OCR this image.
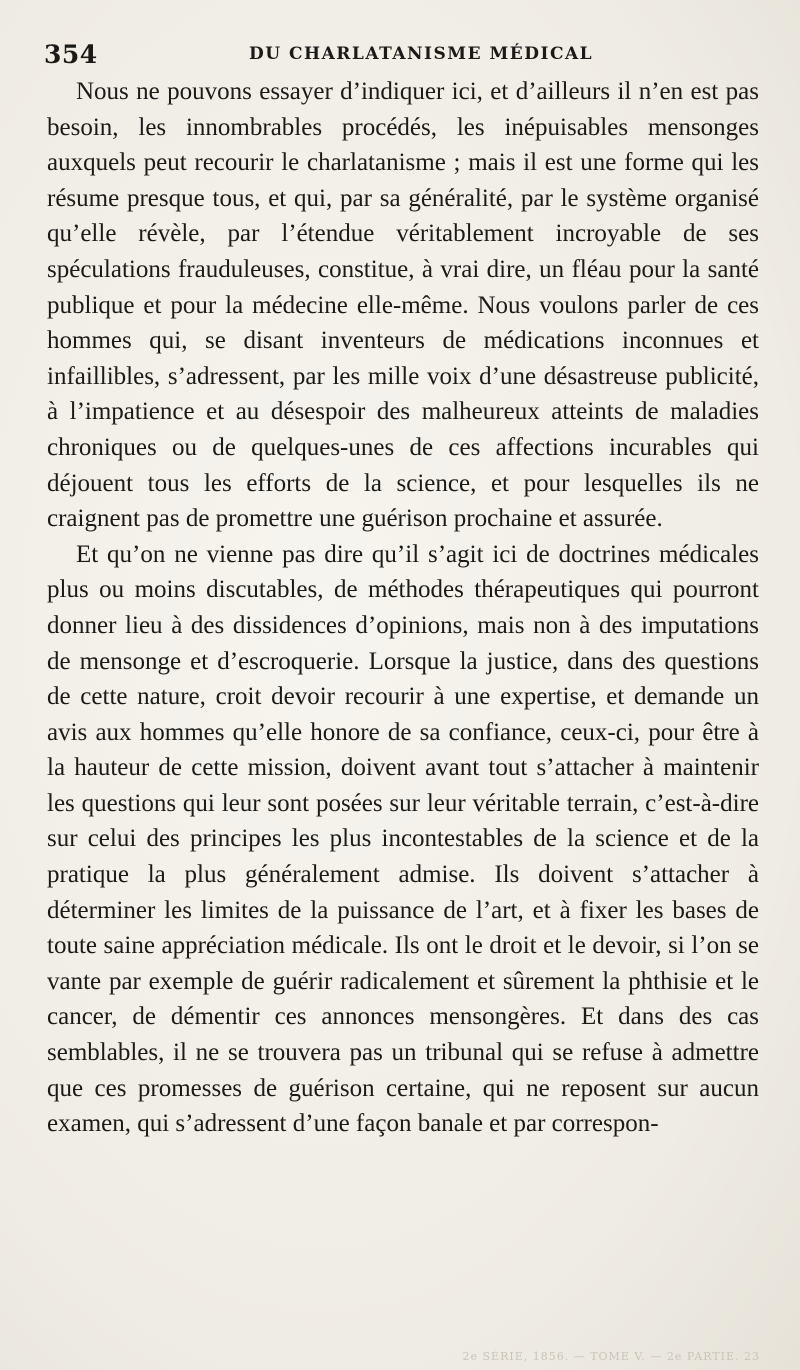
354	DU CHARLATANISME MÉDICAL

Nous ne pouvons essayer d’indiquer ici, et d’ailleurs il n’en est pas besoin, les innombrables procédés, les inépuisables mensonges auxquels peut recourir le charlatanisme ; mais il est une forme qui les résume presque tous, et qui, par sa généralité, par le système organisé qu’elle révèle, par l’étendue véritablement incroyable de ses spéculations frauduleuses, constitue, à vrai dire, un fléau pour la santé publique et pour la médecine elle-même. Nous voulons parler de ces hommes qui, se disant inventeurs de médications inconnues et infaillibles, s’adressent, par les mille voix d’une désastreuse publicité, à l’impatience et au désespoir des malheureux atteints de maladies chroniques ou de quelques-unes de ces affections incurables qui déjouent tous les efforts de la science, et pour lesquelles ils ne craignent pas de promettre une guérison prochaine et assurée.

Et qu’on ne vienne pas dire qu’il s’agit ici de doctrines médicales plus ou moins discutables, de méthodes thérapeutiques qui pourront donner lieu à des dissidences d’opinions, mais non à des imputations de mensonge et d’escroquerie. Lorsque la justice, dans des questions de cette nature, croit devoir recourir à une expertise, et demande un avis aux hommes qu’elle honore de sa confiance, ceux-ci, pour être à la hauteur de cette mission, doivent avant tout s’attacher à maintenir les questions qui leur sont posées sur leur véritable terrain, c’est-à-dire sur celui des principes les plus incontestables de la science et de la pratique la plus généralement admise. Ils doivent s’attacher à déterminer les limites de la puissance de l’art, et à fixer les bases de toute saine appréciation médicale. Ils ont le droit et le devoir, si l’on se vante par exemple de guérir radicalement et sûrement la phthisie et le cancer, de démentir ces annonces mensongères. Et dans des cas semblables, il ne se trouvera pas un tribunal qui se refuse à admettre que ces promesses de guérison certaine, qui ne reposent sur aucun examen, qui s’adressent d’une façon banale et par correspon-

2e SÉRIE, 1856. — TOME V. — 2e PARTIE. 23
